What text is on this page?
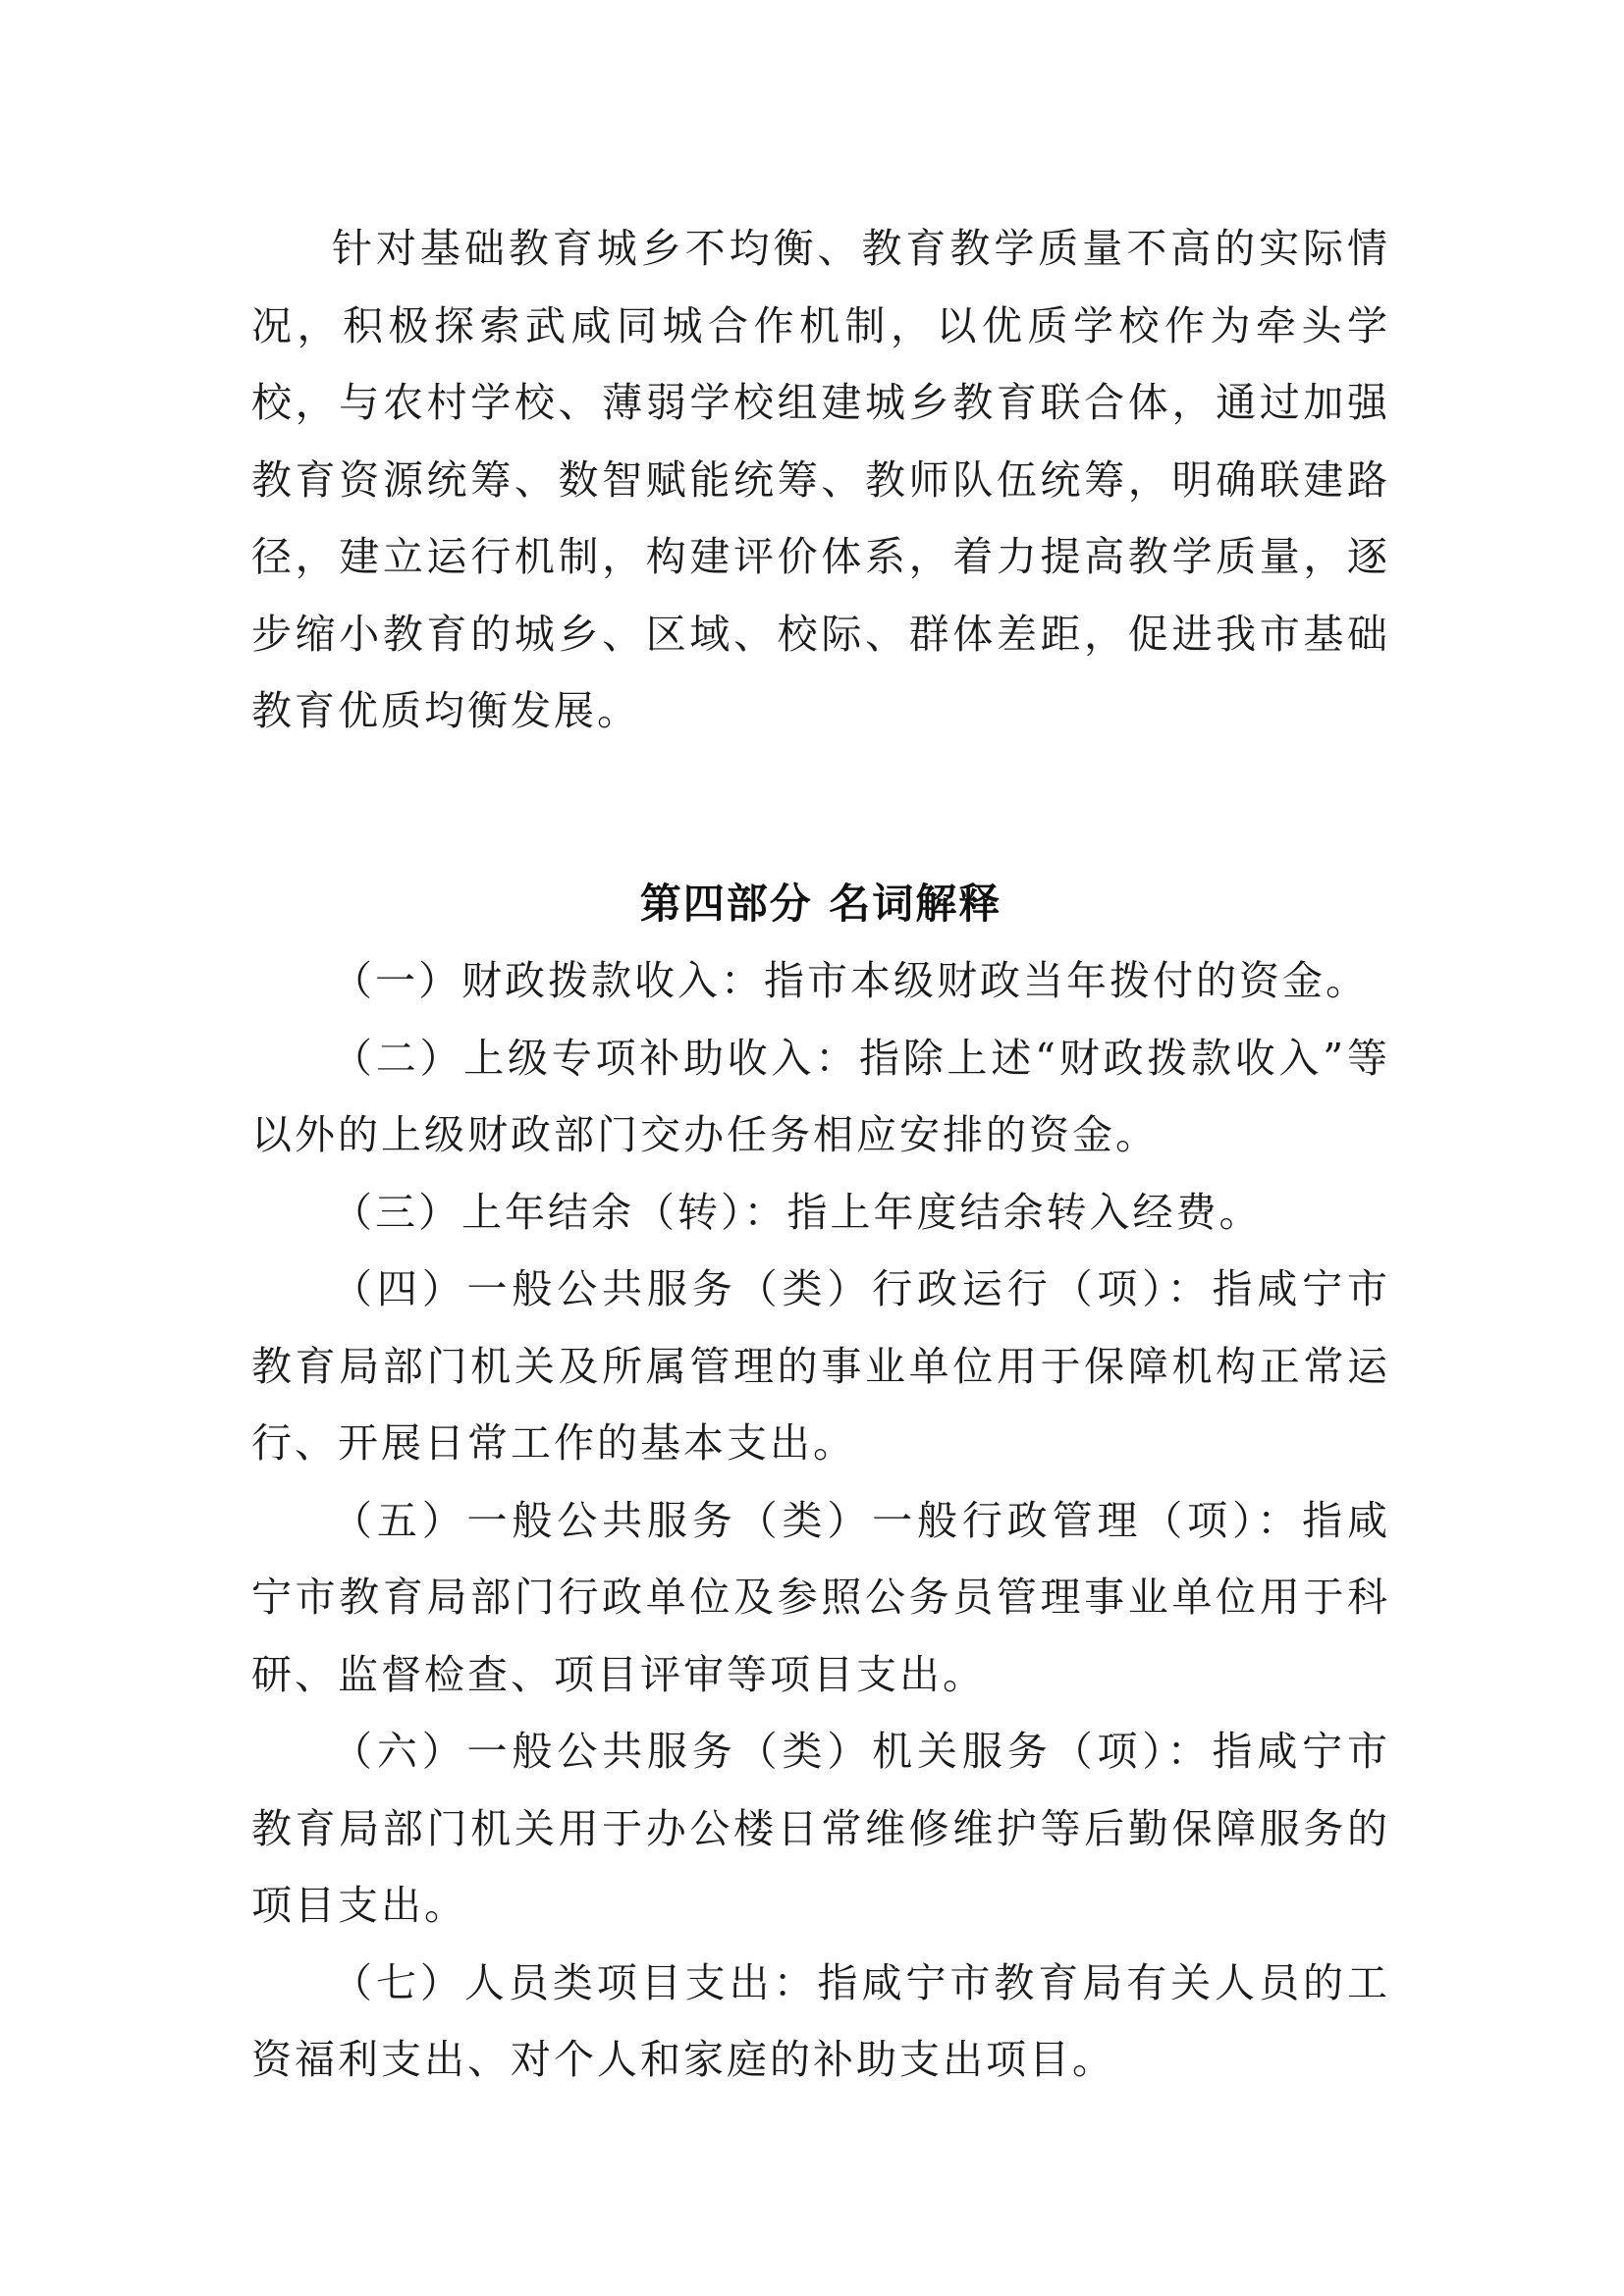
针对基础教育城乡不均衡、教育教学质量不高的实际情况，积极探索武咸同城合作机制，以优质学校作为牵头学校，与农村学校、薄弱学校组建城乡教育联合体，通过加强教育资源统筹、数智赋能统筹、教师队伍统筹，明确联建路径，建立运行机制，构建评价体系，着力提高教学质量，逐步缩小教育的城乡、区域、校际、群体差距，促进我市基础教育优质均衡发展。

第四部分 名词解释

（一）财政拨款收入：指市本级财政当年拨付的资金。

（二）上级专项补助收入：指除上述“财政拨款收入”等以外的上级财政部门交办任务相应安排的资金。

（三）上年结余（转）：指上年度结余转入经费。

（四）一般公共服务（类）行政运行（项）：指咸宁市教育局部门机关及所属管理的事业单位用于保障机构正常运行、开展日常工作的基本支出。

（五）一般公共服务（类）一般行政管理（项）：指咸宁市教育局部门行政单位及参照公务员管理事业单位用于科研、监督检查、项目评审等项目支出。

（六）一般公共服务（类）机关服务（项）：指咸宁市教育局部门机关用于办公楼日常维修维护等后勤保障服务的项目支出。

（七）人员类项目支出：指咸宁市教育局有关人员的工资福利支出、对个人和家庭的补助支出项目。
